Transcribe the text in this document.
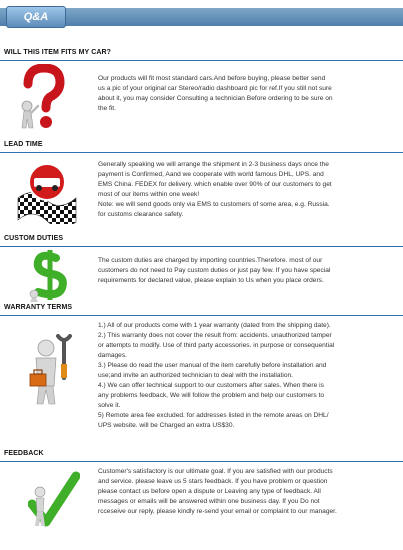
Q&A
WILL THIS ITEM FITS MY CAR?

Our products will fit most standard cars.And before buying, please better send

us a pic of your original car Stereo/radio dashboard pic for ref.If you still not sure

about it, you may consider Consulting a technician Before ordering to be sure on

the fit.

LEAD TIME

Generally speaking we will arrange the shipment in 2-3 business days once the

payment is Confirmed, Aand we cooperate with world famous DHL, UPS. and

EMS China. FEDEX for delivery. which enable over 90% of our customers to get

most of our items within one week!

Note: we will send goods only via EMS to customers of some area, e.g. Russia.

for customs clearance safety.

CUSTOM DUTIES

The custom duties are charged by importing countries.Therefore. most of our

customers do not need to Pay custom duties or just pay few. If you have special

requirements for declared value, please explain to Us when you place orders.

WARRANTY TERMS

1.) All of our products come with 1 year warranty (dated from the shipping date).

2.) This warranty does not cover the result from: accidents. unauthorized tamper

or attempts to modify. Use of third party accessories. in purpose or consequential

damages.

3.) Please do read the user manual of the item carefully before installation and

use;and invite an authorized technician to deal with the installation.

4.) We can offer technical support to our customers after sales. When there is

any problems feedback, We will follow the problem and help our customers to

solve it.

5) Remote area fee excluded. for addresses listed in the remote areas on DHL/

UPS website. will be Charged an extra US$30.

FEEDBACK

Customer's satisfactory is our ultimate goal. If you are satisfied with our products

and service. please leave us 5 stars feedback. If you have problem or question

please contact us before open a dispute or Leaving any type of feedback. All

messages or emails will be answered within one business day. If you Do not

rcceseive our reply, please kindly re-send your email or complaint to our manager.
